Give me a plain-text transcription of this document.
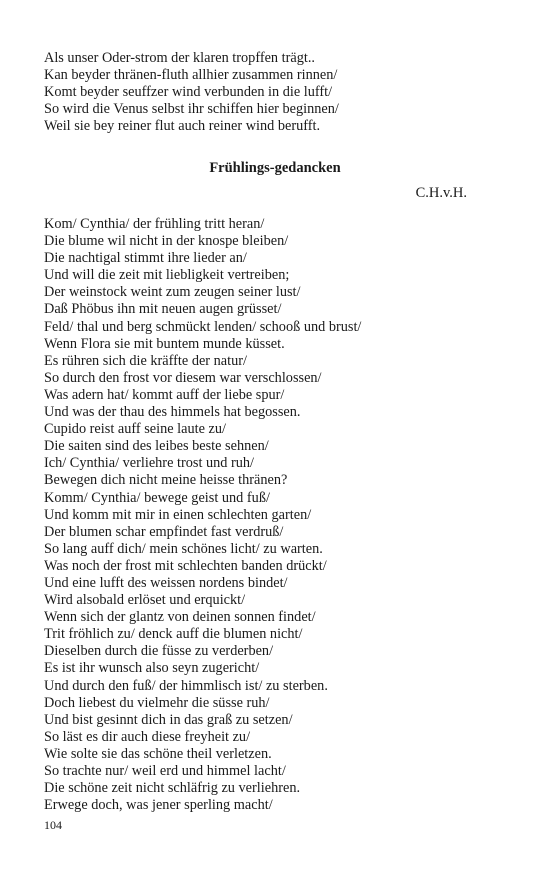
Als unser Oder-strom der klaren tropffen trägt..
Kan beyder thränen-fluth allhier zusammen rinnen/
Komt beyder seuffzer wind verbunden in die lufft/
So wird die Venus selbst ihr schiffen hier beginnen/
Weil sie bey reiner flut auch reiner wind berufft.
Frühlings-gedancken
C.H.v.H.
Kom/ Cynthia/ der frühling tritt heran/
Die blume wil nicht in der knospe bleiben/
Die nachtigal stimmt ihre lieder an/
Und will die zeit mit liebligkeit vertreiben;
Der weinstock weint zum zeugen seiner lust/
Daß Phöbus ihn mit neuen augen grüsset/
Feld/ thal und berg schmückt lenden/ schooß und brust/
Wenn Flora sie mit buntem munde küsset.
Es rühren sich die kräffte der natur/
So durch den frost vor diesem war verschlossen/
Was adern hat/ kommt auff der liebe spur/
Und was der thau des himmels hat begossen.
Cupido reist auff seine laute zu/
Die saiten sind des leibes beste sehnen/
Ich/ Cynthia/ verliehre trost und ruh/
Bewegen dich nicht meine heisse thränen?
Komm/ Cynthia/ bewege geist und fuß/
Und komm mit mir in einen schlechten garten/
Der blumen schar empfindet fast verdruß/
So lang auff dich/ mein schönes licht/ zu warten.
Was noch der frost mit schlechten banden drückt/
Und eine lufft des weissen nordens bindet/
Wird alsobald erlöset und erquickt/
Wenn sich der glantz von deinen sonnen findet/
Trit fröhlich zu/ denck auff die blumen nicht/
Dieselben durch die füsse zu verderben/
Es ist ihr wunsch also seyn zugericht/
Und durch den fuß/ der himmlisch ist/ zu sterben.
Doch liebest du vielmehr die süsse ruh/
Und bist gesinnt dich in das graß zu setzen/
So läst es dir auch diese freyheit zu/
Wie solte sie das schöne theil verletzen.
So trachte nur/ weil erd und himmel lacht/
Die schöne zeit nicht schläfrig zu verliehren.
Erwege doch, was jener sperling macht/
104
